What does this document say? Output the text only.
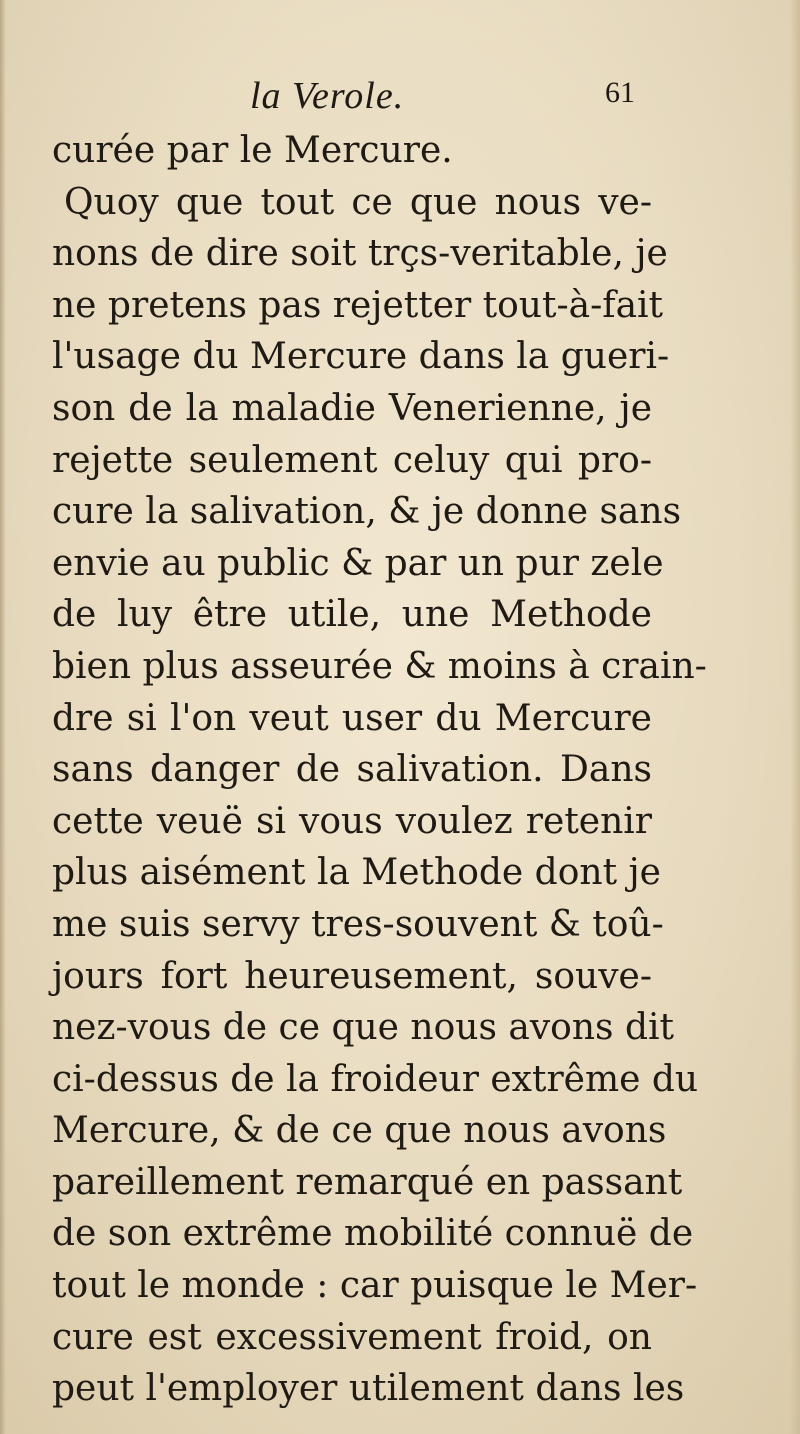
la Verole.	61
curée par le Mercure.
Quoy que tout ce que nous ve-
nons de dire soit trçs-veritable, je
ne pretens pas rejetter tout-à-fait
l'usage du Mercure dans la gueri-
son de la maladie Venerienne, je
rejette seulement celuy qui pro-
cure la salivation, & je donne sans
envie au public & par un pur zele
de luy être utile, une Methode
bien plus asseurée & moins à crain-
dre si l'on veut user du Mercure
sans danger de salivation. Dans
cette veuë si vous voulez retenir
plus aisément la Methode dont je
me suis servy tres-souvent & toû-
jours fort heureusement, souve-
nez-vous de ce que nous avons dit
ci-dessus de la froideur extrême du
Mercure, & de ce que nous avons
pareillement remarqué en passant
de son extrême mobilité connuë de
tout le monde : car puisque le Mer-
cure est excessivement froid, on
peut l'employer utilement dans les
